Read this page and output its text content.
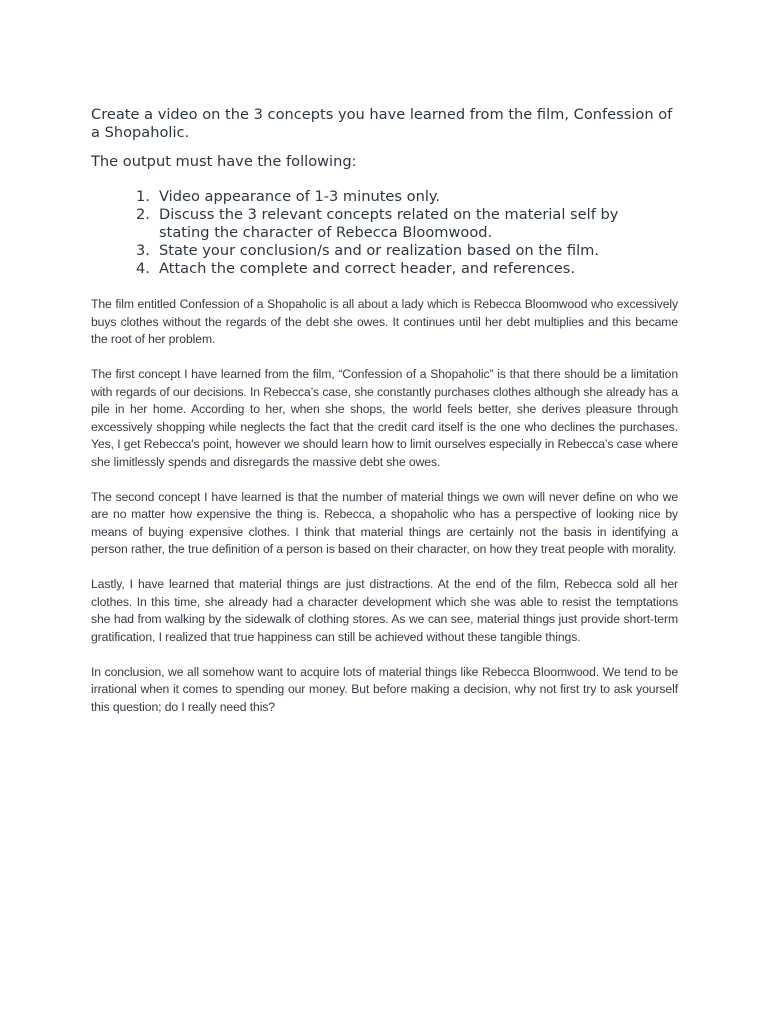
Create a video on the 3 concepts you have learned from the film, Confession of a Shopaholic.

The output must have the following:

1. Video appearance of 1-3 minutes only.
2. Discuss the 3 relevant concepts related on the material self by stating the character of Rebecca Bloomwood.
3. State your conclusion/s and or realization based on the film.
4. Attach the complete and correct header, and references.

The film entitled Confession of a Shopaholic is all about a lady which is Rebecca Bloomwood who excessively buys clothes without the regards of the debt she owes. It continues until her debt multiplies and this became the root of her problem.

The first concept I have learned from the film, “Confession of a Shopaholic” is that there should be a limitation with regards of our decisions. In Rebecca’s case, she constantly purchases clothes although she already has a pile in her home. According to her, when she shops, the world feels better, she derives pleasure through excessively shopping while neglects the fact that the credit card itself is the one who declines the purchases. Yes, I get Rebecca’s point, however we should learn how to limit ourselves especially in Rebecca’s case where she limitlessly spends and disregards the massive debt she owes.

The second concept I have learned is that the number of material things we own will never define on who we are no matter how expensive the thing is. Rebecca, a shopaholic who has a perspective of looking nice by means of buying expensive clothes. I think that material things are certainly not the basis in identifying a person rather, the true definition of a person is based on their character, on how they treat people with morality.

Lastly, I have learned that material things are just distractions. At the end of the film, Rebecca sold all her clothes. In this time, she already had a character development which she was able to resist the temptations she had from walking by the sidewalk of clothing stores. As we can see, material things just provide short-term gratification, I realized that true happiness can still be achieved without these tangible things.

In conclusion, we all somehow want to acquire lots of material things like Rebecca Bloomwood. We tend to be irrational when it comes to spending our money. But before making a decision, why not first try to ask yourself this question; do I really need this?
